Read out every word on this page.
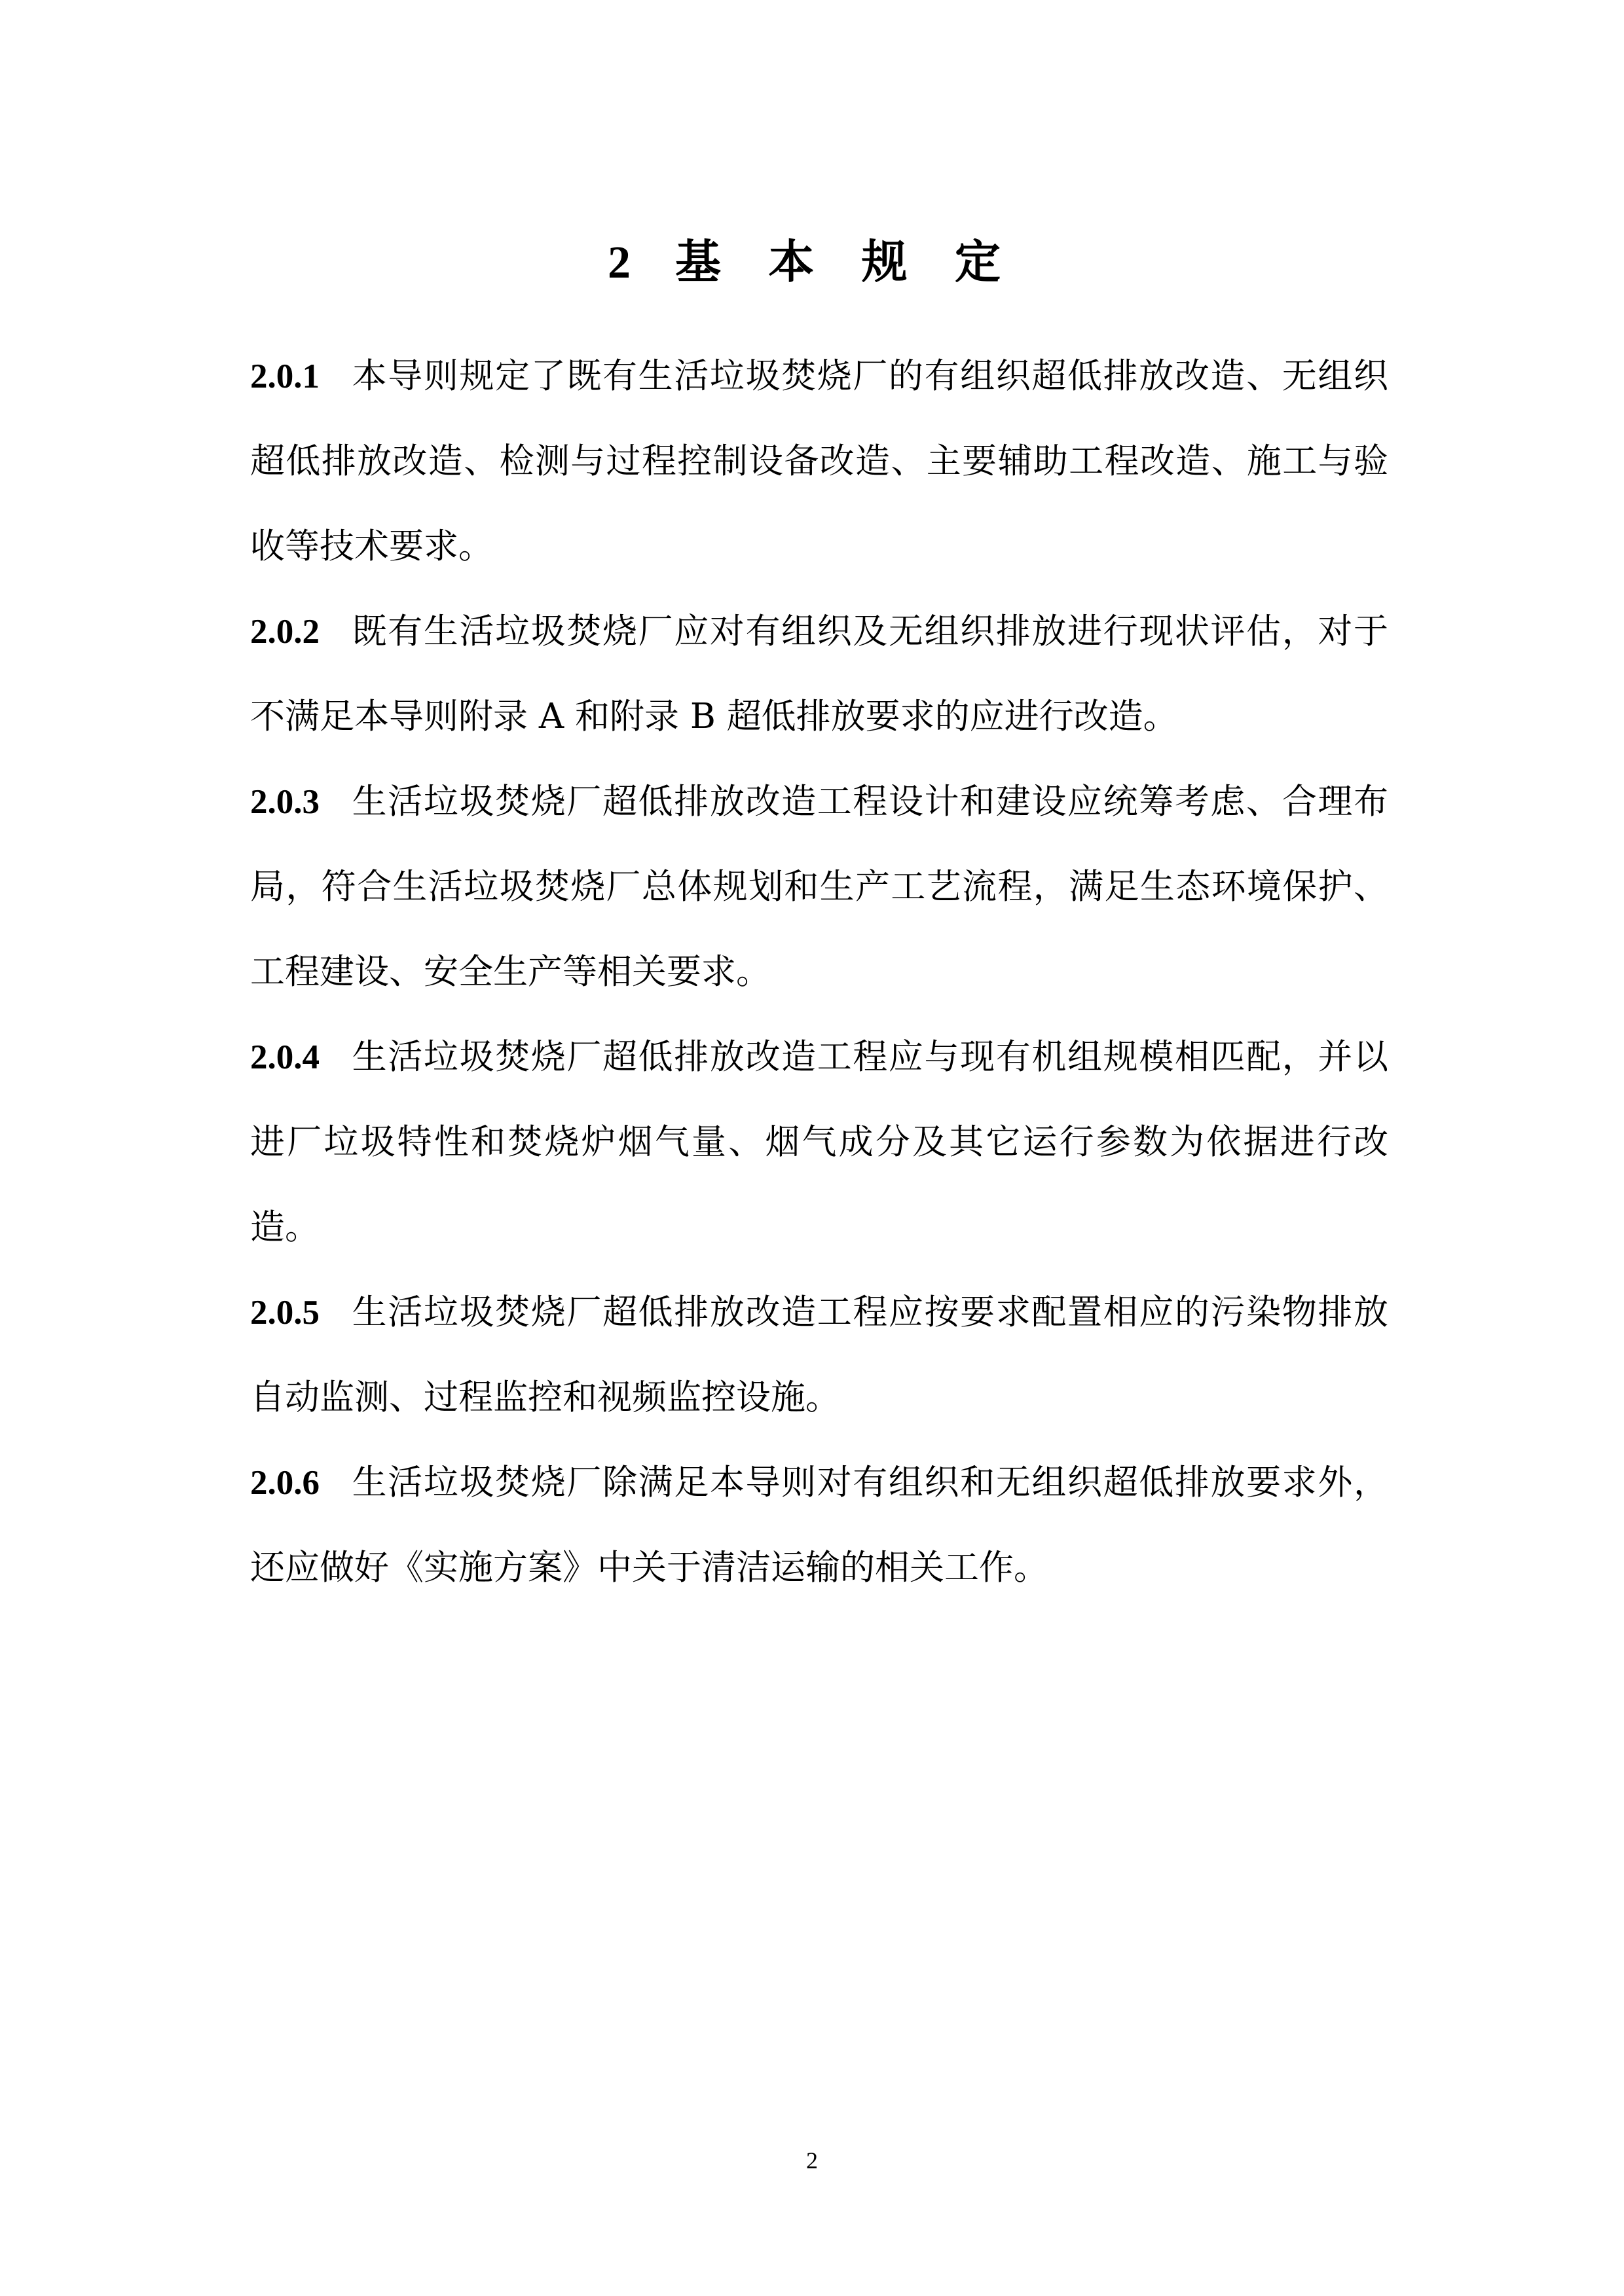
2 基 本 规 定

2.0.1 本导则规定了既有生活垃圾焚烧厂的有组织超低排放改造、无组织超低排放改造、检测与过程控制设备改造、主要辅助工程改造、施工与验收等技术要求。

2.0.2 既有生活垃圾焚烧厂应对有组织及无组织排放进行现状评估，对于不满足本导则附录 A 和附录 B 超低排放要求的应进行改造。

2.0.3 生活垃圾焚烧厂超低排放改造工程设计和建设应统筹考虑、合理布局，符合生活垃圾焚烧厂总体规划和生产工艺流程，满足生态环境保护、工程建设、安全生产等相关要求。

2.0.4 生活垃圾焚烧厂超低排放改造工程应与现有机组规模相匹配，并以进厂垃圾特性和焚烧炉烟气量、烟气成分及其它运行参数为依据进行改造。

2.0.5 生活垃圾焚烧厂超低排放改造工程应按要求配置相应的污染物排放自动监测、过程监控和视频监控设施。

2.0.6 生活垃圾焚烧厂除满足本导则对有组织和无组织超低排放要求外，还应做好《实施方案》中关于清洁运输的相关工作。

2
